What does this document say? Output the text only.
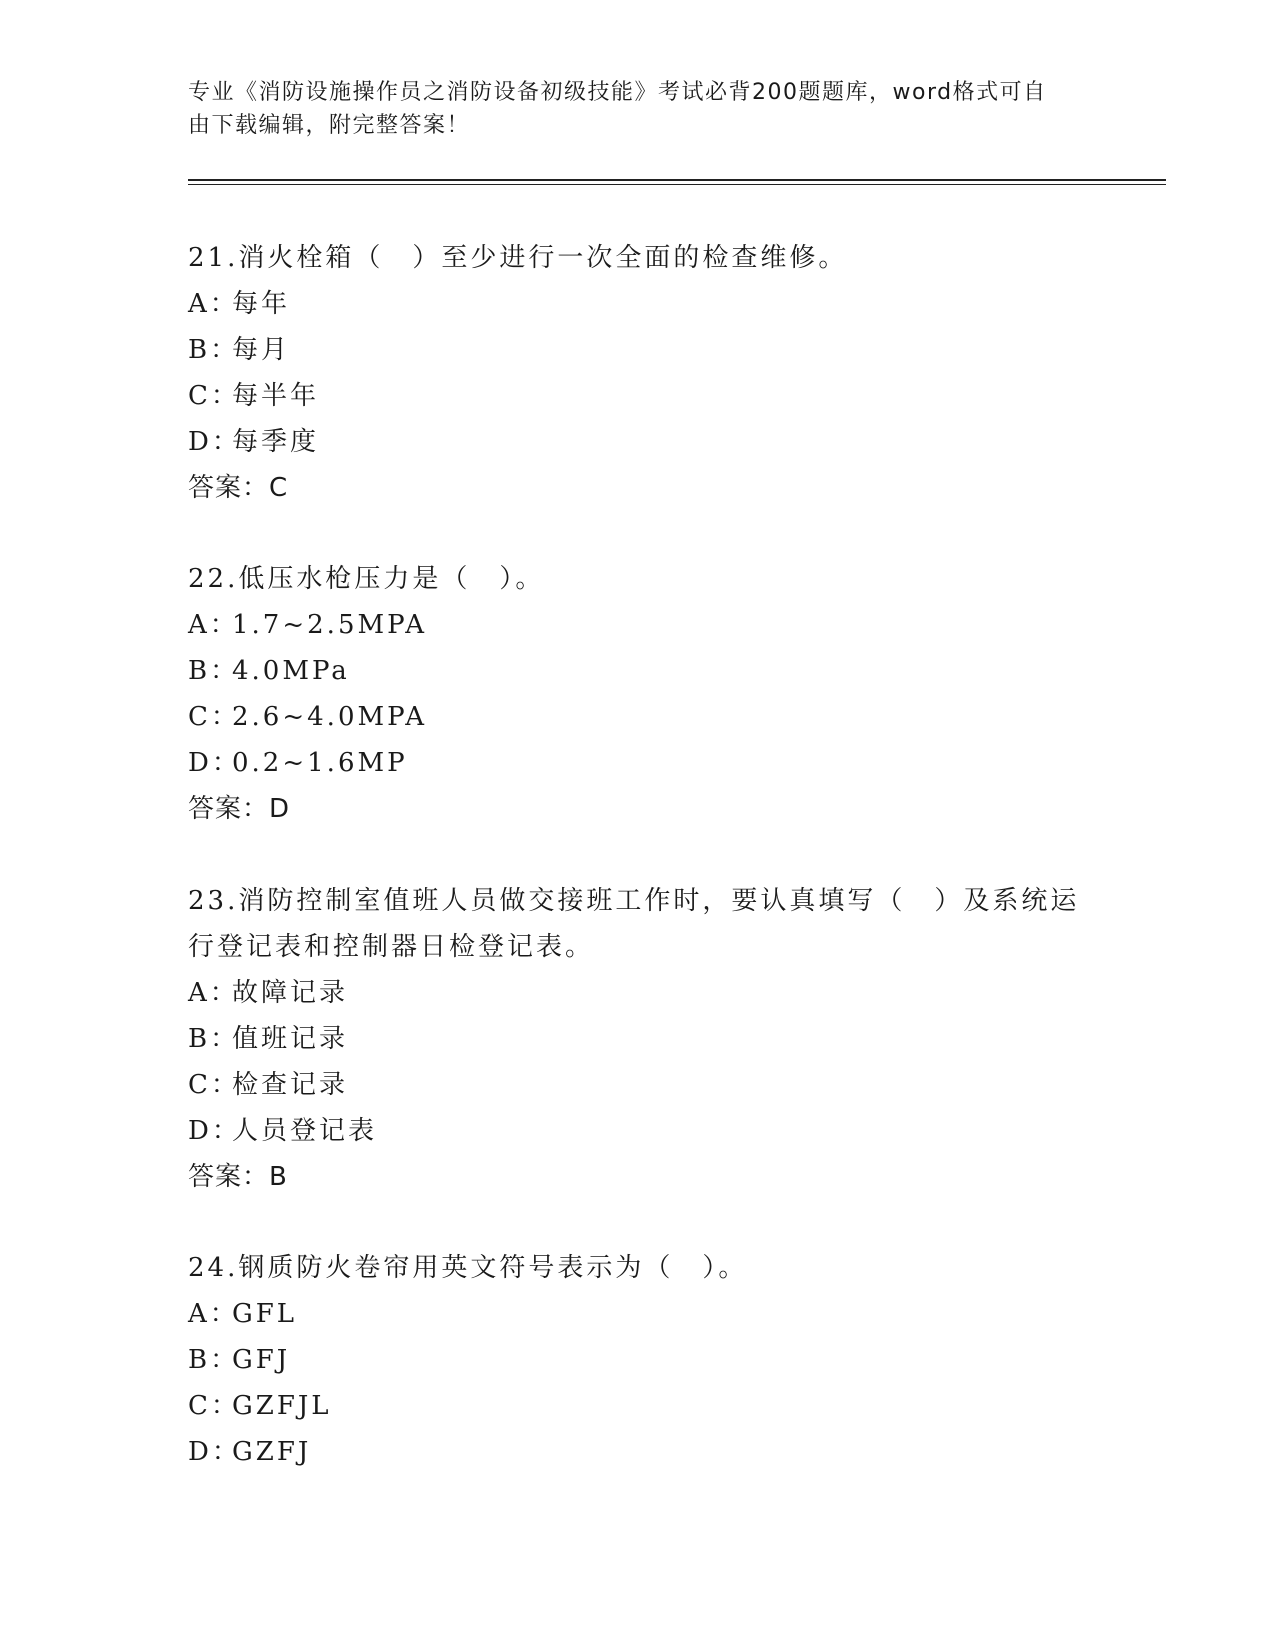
专业《消防设施操作员之消防设备初级技能》考试必背200题题库，word格式可自由下载编辑，附完整答案！
21.消火栓箱（　）至少进行一次全面的检查维修。
A：每年
B：每月
C：每半年
D：每季度
答案：C
22.低压水枪压力是（　）。
A：1.7~2.5MPA
B：4.0MPa
C：2.6~4.0MPA
D：0.2~1.6MP
答案：D
23.消防控制室值班人员做交接班工作时，要认真填写（　）及系统运行登记表和控制器日检登记表。
A：故障记录
B：值班记录
C：检查记录
D：人员登记表
答案：B
24.钢质防火卷帘用英文符号表示为（　）。
A：GFL
B：GFJ
C：GZFJL
D：GZFJ
